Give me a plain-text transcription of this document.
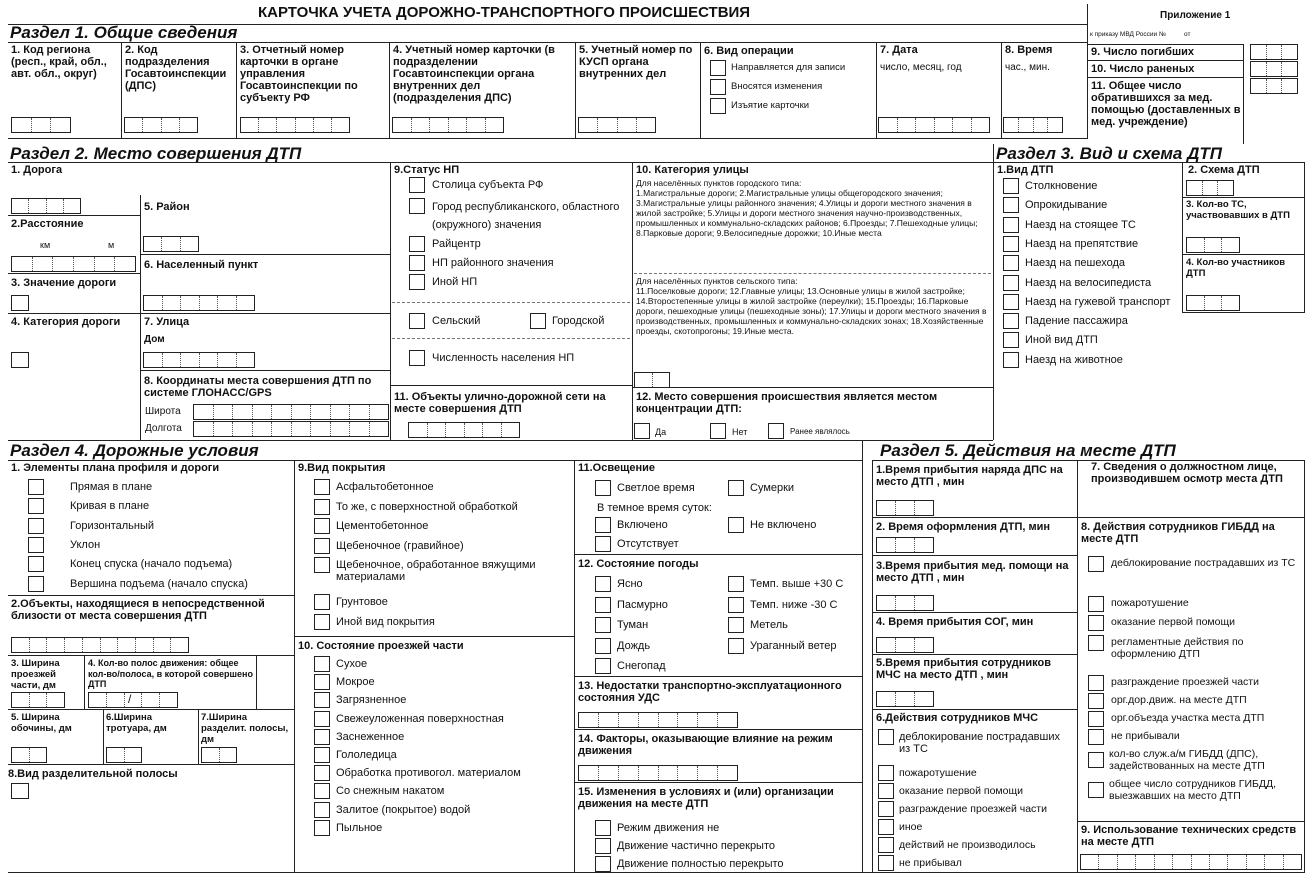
КАРТОЧКА УЧЕТА ДОРОЖНО-ТРАНСПОРТНОГО ПРОИСШЕСТВИЯ	Приложение 1
к приказу МВД России №          от
Раздел 1. Общие сведения
1. Код региона (респ., край, обл., авт. обл., округ)
2. Код подразделения Госавтоинспекции (ДПС)
3. Отчетный номер карточки в органе управления Госавтоинспекции по субъекту РФ
4. Учетный номер карточки (в подразделении Госавтоинспекции органа внутренних дел (подразделения ДПС)
5. Учетный номер по КУСП органа внутренних дел
6. Вид операции
Направляется для записи
Вносятся изменения
Изъятие карточки
7. Дата
число, месяц, год
8. Время
час., мин.
9. Число погибших
10. Число раненых
11. Общее число обратившихся за мед. помощью (доставленных в мед. учреждение)
Раздел 2. Место совершения ДТП
1. Дорога
2.Расстояние
км	м
3. Значение дороги
4. Категория дороги
5. Район
6. Населенный пункт
7. Улица
Дом
8. Координаты места совершения ДТП по системе ГЛОНАСС/GPS
Широта
Долгота
9.Статус НП
Столица субъекта РФ
Город республиканского, областного (окружного) значения
Райцентр
НП районного значения
Иной НП
Сельский	Городской
Численность населения НП
11. Объекты улично-дорожной сети на месте совершения ДТП
10. Категория улицы
Для населённых пунктов городского типа:
1.Магистральные дороги; 2.Магистральные улицы общегородского значения; 3.Магистральные улицы районного значения; 4.Улицы и дороги местного значения в жилой застройке; 5.Улицы и дороги местного значения научно-производственных, промышленных и коммунально-складских районов; 6.Проезды; 7.Пешеходные улицы; 8.Парковые дороги; 9.Велосипедные дорожки; 10.Иные места
Для населённых пунктов сельского типа:
11.Поселковые дороги; 12.Главные улицы; 13.Основные улицы в жилой застройке; 14.Второстепенные улицы в жилой застройке (переулки); 15.Проезды; 16.Парковые дороги, пешеходные улицы (пешеходные зоны); 17.Улицы и дороги местного значения в производственных, промышленных и коммунально-складских зонах; 18.Хозяйственные проезды, скотопрогоны; 19.Иные места.
12. Место совершения происшествия является местом концентрации ДТП:
Да	Нет	Ранее являлось
Раздел 3. Вид и схема ДТП
1.Вид ДТП
Столкновение
Опрокидывание
Наезд на стоящее ТС
Наезд на препятствие
Наезд на пешехода
Наезд на велосипедиста
Наезд на гужевой транспорт
Падение пассажира
Иной вид ДТП
Наезд на животное
2. Схема ДТП
3. Кол-во ТС, участвовавших в ДТП
4. Кол-во участников ДТП
Раздел 4. Дорожные условия
1. Элементы плана профиля и дороги
Прямая в плане
Кривая в плане
Горизонтальный
Уклон
Конец спуска (начало подъема)
Вершина подъема (начало спуска)
2.Объекты, находящиеся в непосредственной близости от места совершения ДТП
3. Ширина проезжей части, дм
4. Кол-во полос движения: общее кол-во/полоса, в которой совершено ДТП
/
5. Ширина обочины, дм
6.Ширина тротуара, дм
7.Ширина разделит. полосы, дм
8.Вид разделительной полосы
9.Вид покрытия
Асфальтобетонное
То же, с поверхностной обработкой
Цементобетонное
Щебеночное (гравийное)
Щебеночное, обработанное вяжущими материалами
Грунтовое
Иной вид покрытия
10. Состояние проезжей части
Сухое
Мокрое
Загрязненное
Свежеуложенная поверхностная
Заснеженное
Гололедица
Обработка противогол. материалом
Со снежным накатом
Залитое (покрытое) водой
Пыльное
11.Освещение
Светлое время	Сумерки
В темное время суток:
Включено	Не включено
Отсутствует
12. Состояние погоды
Ясно
Пасмурно
Туман
Дождь
Снегопад
Темп. выше +30 С
Темп. ниже -30 С
Метель
Ураганный ветер
13. Недостатки транспортно-эксплуатационного состояния УДС
14. Факторы, оказывающие влияние на режим движения
15. Изменения в условиях и (или) организации движения на месте ДТП
Режим движения не
Движение частично перекрыто
Движение полностью перекрыто
Раздел 5. Действия на месте ДТП
1.Время прибытия наряда ДПС на место ДТП , мин
2. Время оформления ДТП, мин
3.Время прибытия мед. помощи на место ДТП , мин
4. Время прибытия СОГ, мин
5.Время прибытия сотрудников МЧС на место ДТП , мин
6.Действия сотрудников МЧС
деблокирование пострадавших из ТС
пожаротушение
оказание первой помощи
разграждение проезжей части
иное
действий не производилось
не прибывал
7. Сведения о должностном лице, производившем осмотр места ДТП
8. Действия сотрудников ГИБДД на месте ДТП
деблокирование пострадавших из ТС
пожаротушение
оказание первой помощи
регламентные действия по оформлению ДТП
разграждение проезжей части
орг.дор.движ. на месте ДТП
орг.объезда участка места ДТП
не прибывали
кол-во служ.а/м ГИБДД (ДПС), задействованных на месте ДТП
общее число сотрудников ГИБДД, выезжавших на место ДТП
9. Использование технических средств на месте ДТП
